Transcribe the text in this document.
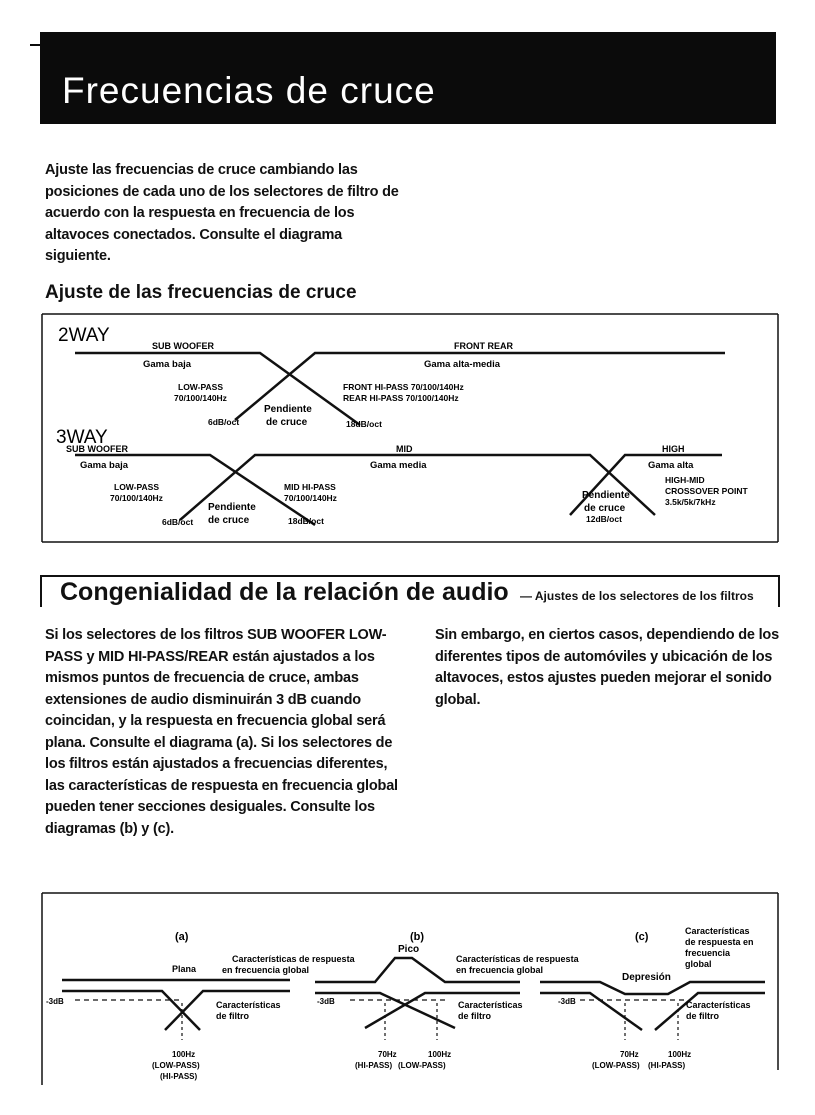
Frecuencias de cruce
Ajuste las frecuencias de cruce cambiando las posiciones de cada uno de los selectores de filtro de acuerdo con la respuesta en frecuencia de los altavoces conectados. Consulte el diagrama siguiente.
Ajuste de las frecuencias de cruce
2WAY	SUB WOOFER
Gama baja
FRONT REAR
Gama alta-media
LOW-PASS
70/100/140Hz
FRONT HI-PASS 70/100/140Hz
REAR HI-PASS 70/100/140Hz
Pendiente
de cruce
6dB/oct	18dB/oct
3WAY
SUB WOOFER
Gama baja
MID
Gama media
HIGH
Gama alta
LOW-PASS
70/100/140Hz
MID HI-PASS
70/100/140Hz
Pendiente
de cruce
6dB/oct	18dB/oct
Pendiente
de cruce
12dB/oct
HIGH-MID
CROSSOVER POINT
3.5k/5k/7kHz
Congenialidad de la relación de audio — Ajustes de los selectores de los filtros
Si los selectores de los filtros SUB WOOFER LOW-PASS y MID HI-PASS/REAR están ajustados a los mismos puntos de frecuencia de cruce, ambas extensiones de audio disminuirán 3 dB cuando coincidan, y la respuesta en frecuencia global será plana. Consulte el diagrama (a). Si los selectores de los filtros están ajustados a frecuencias diferentes, las características de respuesta en frecuencia global pueden tener secciones desiguales. Consulte los diagramas (b) y (c).
Sin embargo, en ciertos casos, dependiendo de los diferentes tipos de automóviles y ubicación de los altavoces, estos ajustes pueden mejorar el sonido global.
(a)
Plana
Características de respuesta
en frecuencia global
-3dB	Características
de filtro
100Hz
(LOW-PASS)
(HI-PASS)
(b)
Pico
Características de respuesta
en frecuencia global
-3dB	Características
de filtro
70Hz	100Hz
(HI-PASS) (LOW-PASS)
(c)	Características
de respuesta en
frecuencia
global
Depresión
-3dB	Características
de filtro
70Hz	100Hz
(LOW-PASS) (HI-PASS)
